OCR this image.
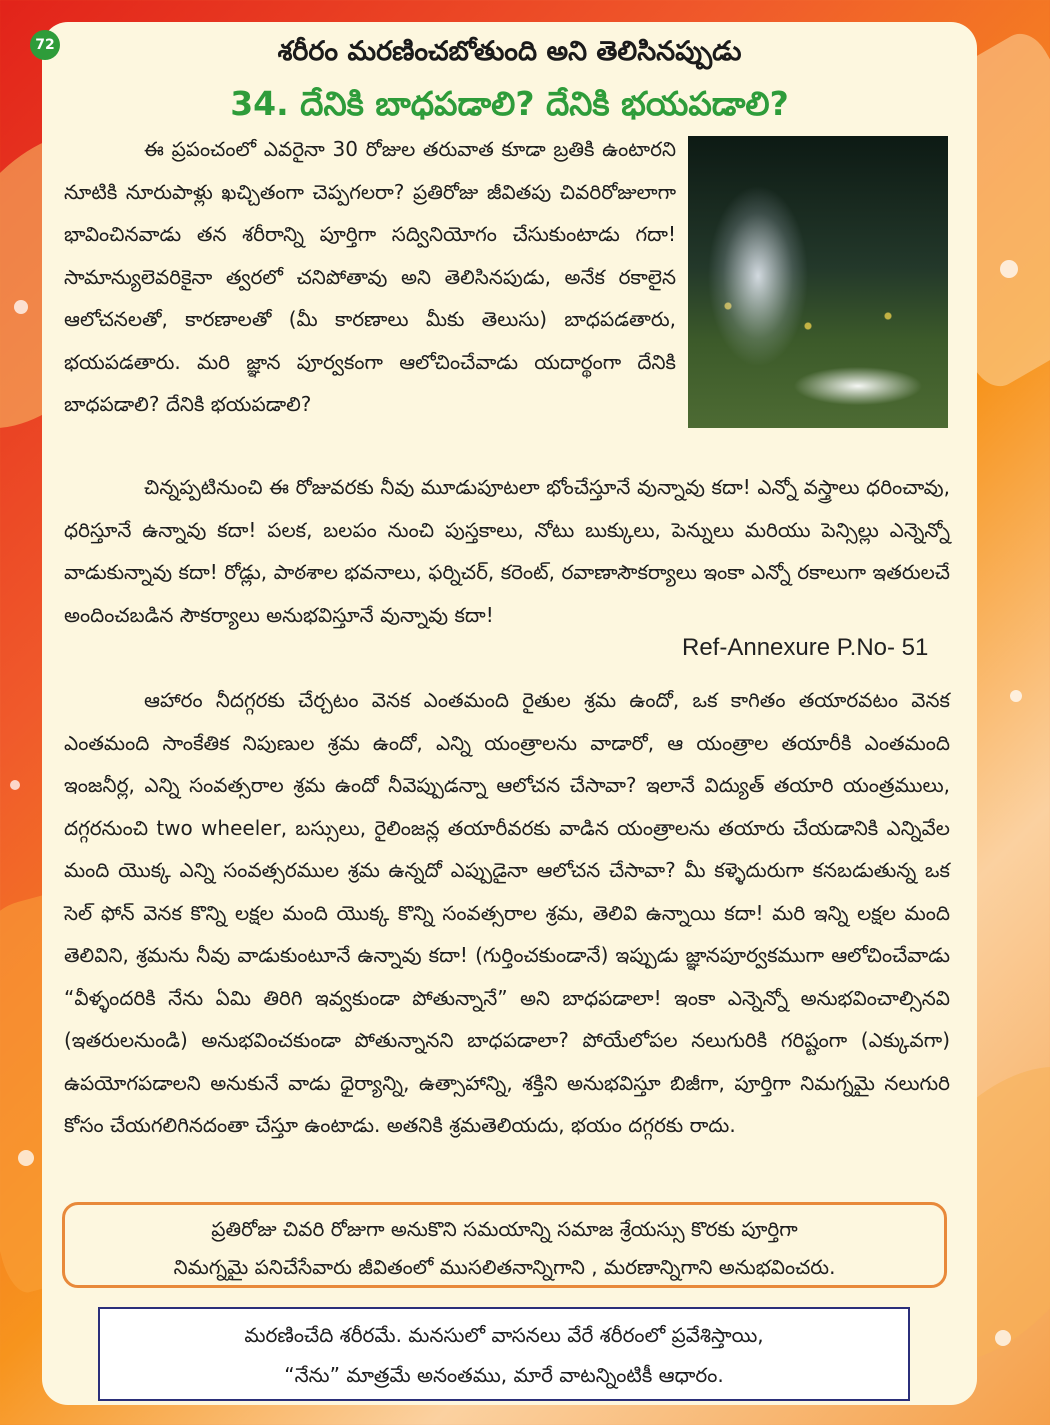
72	శరీరం మరణించబోతుంది అని తెలిసినప్పుడు
34. దేనికి బాధపడాలి? దేనికి భయపడాలి?

ఈ ప్రపంచంలో ఎవరైనా 30 రోజుల తరువాత కూడా బ్రతికి ఉంటారని నూటికి నూరుపాళ్లు ఖచ్చితంగా చెప్పగలరా? ప్రతిరోజు జీవితపు చివరిరోజులాగా భావించినవాడు తన శరీరాన్ని పూర్తిగా సద్వినియోగం చేసుకుంటాడు గదా! సామాన్యులెవరికైనా త్వరలో చనిపోతావు అని తెలిసినపుడు, అనేక రకాలైన ఆలోచనలతో, కారణాలతో (మీ కారణాలు మీకు తెలుసు) బాధపడతారు, భయపడతారు. మరి జ్ఞాన పూర్వకంగా ఆలోచించేవాడు యదార్థంగా దేనికి బాధపడాలి? దేనికి భయపడాలి?

చిన్నప్పటినుంచి ఈ రోజువరకు నీవు మూడుపూటలా భోంచేస్తూనే వున్నావు కదా! ఎన్నో వస్త్రాలు ధరించావు, ధరిస్తూనే ఉన్నావు కదా! పలక, బలపం నుంచి పుస్తకాలు, నోటు బుక్కులు, పెన్నులు మరియు పెన్సిల్లు ఎన్నెన్నో వాడుకున్నావు కదా! రోడ్లు, పాఠశాల భవనాలు, ఫర్నిచర్, కరెంట్, రవాణాసౌకర్యాలు ఇంకా ఎన్నో రకాలుగా ఇతరులచే అందించబడిన సౌకర్యాలు అనుభవిస్తూనే వున్నావు కదా!

Ref-Annexure P.No- 51

ఆహారం నీదగ్గరకు చేర్చటం వెనక ఎంతమంది రైతుల శ్రమ ఉందో, ఒక కాగితం తయారవటం వెనక ఎంతమంది సాంకేతిక నిపుణుల శ్రమ ఉందో, ఎన్ని యంత్రాలను వాడారో, ఆ యంత్రాల తయారీకి ఎంతమంది ఇంజనీర్ల, ఎన్ని సంవత్సరాల శ్రమ ఉందో నీవెప్పుడన్నా ఆలోచన చేసావా? ఇలానే విద్యుత్ తయారి యంత్రములు, దగ్గరనుంచి two wheeler, బస్సులు, రైలింజన్ల తయారీవరకు వాడిన యంత్రాలను తయారు చేయడానికి ఎన్నివేల మంది యొక్క ఎన్ని సంవత్సరముల శ్రమ ఉన్నదో ఎప్పుడైనా ఆలోచన చేసావా? మీ కళ్ళెదురుగా కనబడుతున్న ఒక సెల్ ఫోన్ వెనక కొన్ని లక్షల మంది యొక్క కొన్ని సంవత్సరాల శ్రమ, తెలివి ఉన్నాయి కదా! మరి ఇన్ని లక్షల మంది తెలివిని, శ్రమను నీవు వాడుకుంటూనే ఉన్నావు కదా! (గుర్తించకుండానే) ఇప్పుడు జ్ఞానపూర్వకముగా ఆలోచించేవాడు “వీళ్ళందరికి నేను ఏమి తిరిగి ఇవ్వకుండా పోతున్నానే” అని బాధపడాలా! ఇంకా ఎన్నెన్నో అనుభవించాల్సినవి (ఇతరులనుండి) అనుభవించకుండా పోతున్నానని బాధపడాలా? పోయేలోపల నలుగురికి గరిష్టంగా (ఎక్కువగా) ఉపయోగపడాలని అనుకునే వాడు ధైర్యాన్ని, ఉత్సాహాన్ని, శక్తిని అనుభవిస్తూ బిజీగా, పూర్తిగా నిమగ్నమై నలుగురి కోసం చేయగలిగినదంతా చేస్తూ ఉంటాడు. అతనికి శ్రమతెలియదు, భయం దగ్గరకు రాదు.

ప్రతిరోజు చివరి రోజుగా అనుకొని సమయాన్ని సమాజ శ్రేయస్సు కొరకు పూర్తిగా
నిమగ్నమై పనిచేసేవారు జీవితంలో ముసలితనాన్నిగాని , మరణాన్నిగాని అనుభవించరు.
మరణించేది శరీరమే. మనసులో వాసనలు వేరే శరీరంలో ప్రవేశిస్తాయి,
“నేను” మాత్రమే అనంతము, మారే వాటన్నింటికీ ఆధారం.
